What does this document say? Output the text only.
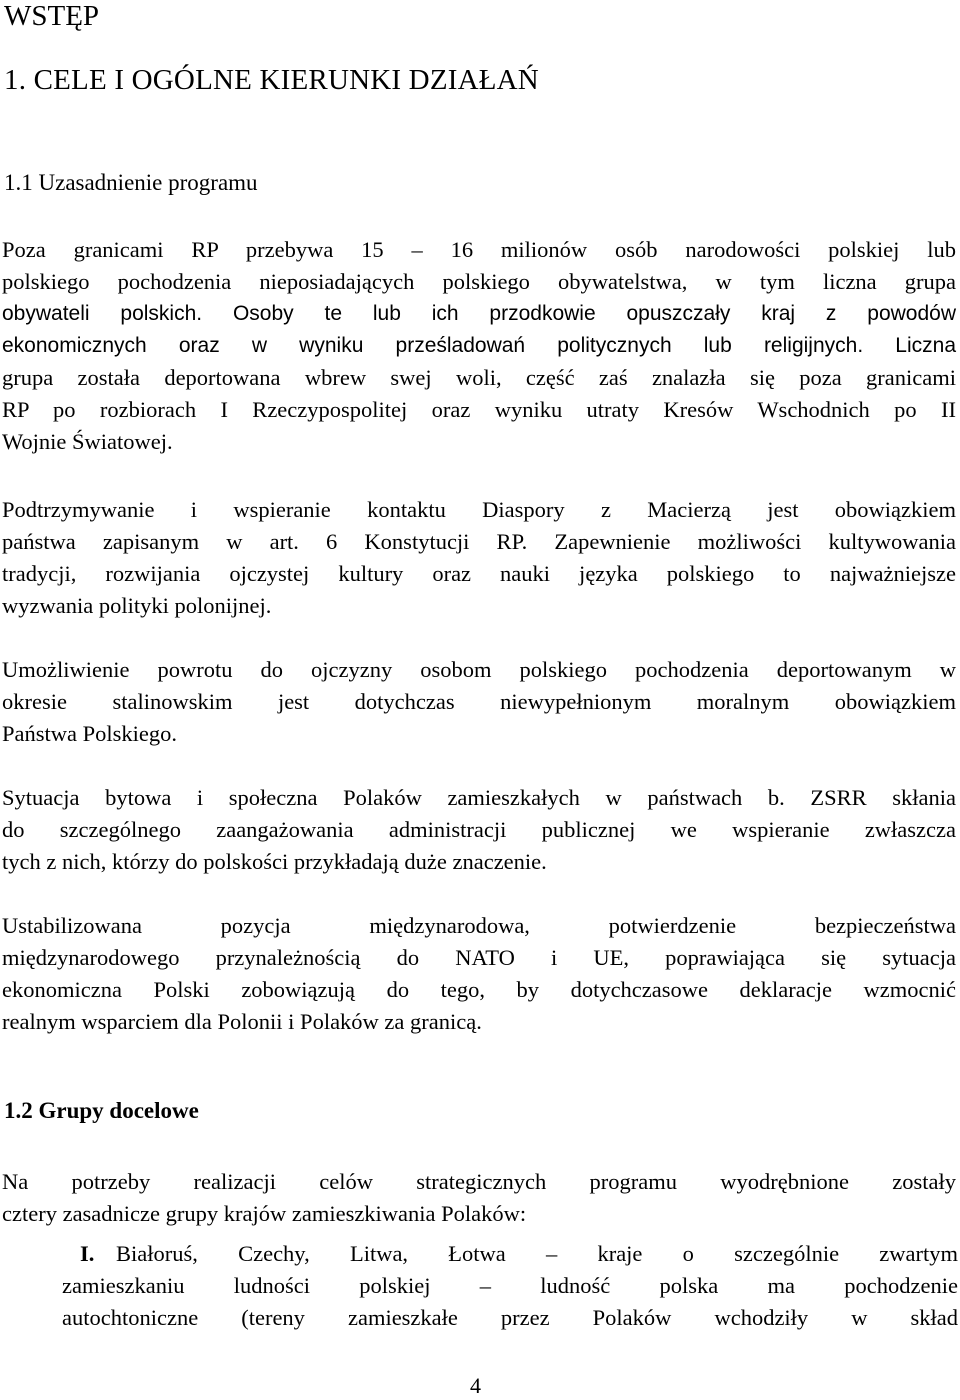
WSTĘP
1. CELE I OGÓLNE KIERUNKI DZIAŁAŃ
1.1 Uzasadnienie programu
Poza granicami RP przebywa 15 – 16 milionów osób narodowości polskiej lub
polskiego pochodzenia nieposiadających polskiego obywatelstwa, w tym liczna grupa
obywateli polskich. Osoby te lub ich przodkowie opuszczały kraj z powodów
ekonomicznych oraz w wyniku prześladowań politycznych lub religijnych. Liczna
grupa została deportowana wbrew swej woli, część zaś znalazła się poza granicami
RP po rozbiorach I Rzeczypospolitej oraz wyniku utraty Kresów Wschodnich po II
Wojnie Światowej.
Podtrzymywanie i wspieranie kontaktu Diaspory z Macierzą jest obowiązkiem
państwa zapisanym w art. 6 Konstytucji RP. Zapewnienie możliwości kultywowania
tradycji, rozwijania ojczystej kultury oraz nauki języka polskiego to najważniejsze
wyzwania polityki polonijnej.
Umożliwienie powrotu do ojczyzny osobom polskiego pochodzenia deportowanym w
okresie stalinowskim jest dotychczas niewypełnionym moralnym obowiązkiem
Państwa Polskiego.
Sytuacja bytowa i społeczna Polaków zamieszkałych w państwach b. ZSRR skłania
do szczególnego zaangażowania administracji publicznej we wspieranie zwłaszcza
tych z nich, którzy do polskości przykładają duże znaczenie.
Ustabilizowana pozycja międzynarodowa, potwierdzenie bezpieczeństwa
międzynarodowego przynależnością do NATO i UE, poprawiająca się sytuacja
ekonomiczna Polski zobowiązują do tego, by dotychczasowe deklaracje wzmocnić
realnym wsparciem dla Polonii i Polaków za granicą.
1.2 Grupy docelowe
Na potrzeby realizacji celów strategicznych programu wyodrębnione zostały
cztery zasadnicze grupy krajów zamieszkiwania Polaków:
I. Białoruś, Czechy, Litwa, Łotwa – kraje o szczególnie zwartym
zamieszkaniu ludności polskiej – ludność polska ma pochodzenie
autochtoniczne (tereny zamieszkałe przez Polaków wchodziły w skład
4
